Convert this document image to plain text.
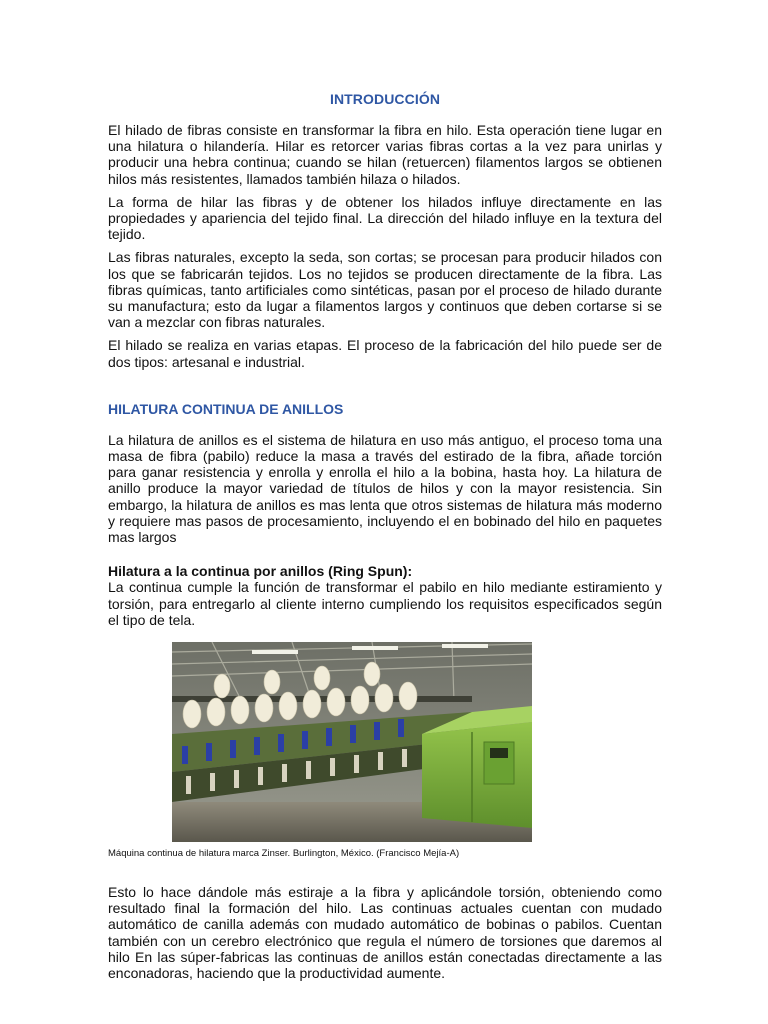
INTRODUCCIÓN

El hilado de fibras consiste en transformar la fibra en hilo. Esta operación tiene lugar en una hilatura o hilandería. Hilar es retorcer varias fibras cortas a la vez para unirlas y producir una hebra continua; cuando se hilan (retuercen) filamentos largos se obtienen hilos más resistentes, llamados también hilaza o hilados.

La forma de hilar las fibras y de obtener los hilados influye directamente en las propiedades y apariencia del tejido final. La dirección del hilado influye en la textura del tejido.

Las fibras naturales, excepto la seda, son cortas; se procesan para producir hilados con los que se fabricarán tejidos. Los no tejidos se producen directamente de la fibra. Las fibras químicas, tanto artificiales como sintéticas, pasan por el proceso de hilado durante su manufactura; esto da lugar a filamentos largos y continuos que deben cortarse si se van a mezclar con fibras naturales.

El hilado se realiza en varias etapas. El proceso de la fabricación del hilo puede ser de dos tipos: artesanal e industrial.

HILATURA CONTINUA DE ANILLOS

La hilatura de anillos es el sistema de hilatura en uso más antiguo, el proceso toma una masa de fibra (pabilo) reduce la masa a través del estirado de la fibra, añade torción para ganar resistencia y enrolla y enrolla el hilo a la bobina, hasta hoy. La hilatura de anillo produce la mayor variedad de títulos de hilos y con la mayor resistencia. Sin embargo, la hilatura de anillos es mas lenta que otros sistemas de hilatura más moderno y requiere mas pasos de procesamiento, incluyendo el en bobinado del hilo en paquetes mas largos

Hilatura a la continua por anillos (Ring Spun):

La continua cumple la función de transformar el pabilo en hilo mediante estiramiento y torsión, para entregarlo al cliente interno cumpliendo los requisitos especificados según el tipo de tela.

Máquina continua de hilatura marca Zinser. Burlington, México. (Francisco Mejía-A)

Esto lo hace dándole más estiraje a la fibra y aplicándole torsión, obteniendo como resultado final la formación del hilo. Las continuas actuales cuentan con mudado automático de canilla además con mudado automático de bobinas o pabilos. Cuentan también con un cerebro electrónico que regula el número de torsiones que daremos al hilo En las súper-fabricas las continuas de anillos están conectadas directamente a las enconadoras, haciendo que la productividad aumente.
